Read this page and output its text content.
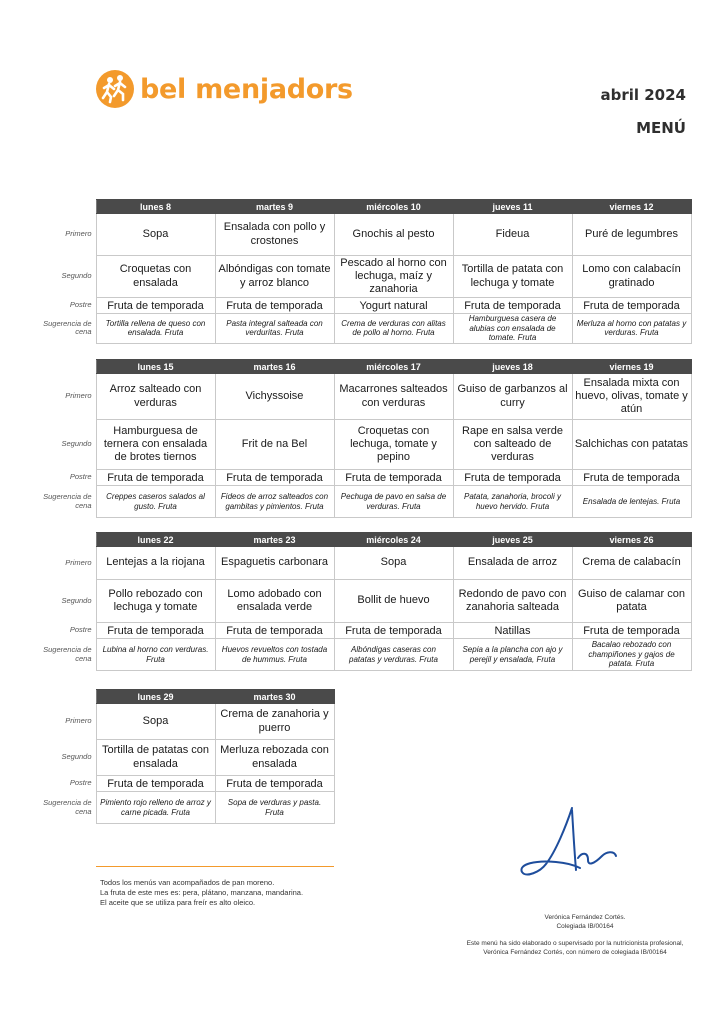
bel menjadors	abril 2024
MENÚ
	lunes 8	martes 9	miércoles 10	jueves 11	viernes 12
Primero	Sopa	Ensalada con pollo y crostones	Gnochis al pesto	Fideua	Puré de legumbres
Segundo	Croquetas con ensalada	Albóndigas con tomate y arroz blanco	Pescado al horno con lechuga, maíz y zanahoria	Tortilla de patata con lechuga y tomate	Lomo con calabacín gratinado
Postre	Fruta de temporada	Fruta de temporada	Yogurt natural	Fruta de temporada	Fruta de temporada
Sugerencia de cena	Tortilla rellena de queso con ensalada. Fruta	Pasta integral salteada con verduritas. Fruta	Crema de verduras con alitas de pollo al horno. Fruta	Hamburguesa casera de alubias con ensalada de tomate. Fruta	Merluza al horno con patatas y verduras. Fruta
	lunes 15	martes 16	miércoles 17	jueves 18	viernes 19
Primero	Arroz salteado con verduras	Vichyssoise	Macarrones salteados con verduras	Guiso de garbanzos al curry	Ensalada mixta con huevo, olivas, tomate y atún
Segundo	Hamburguesa de ternera con ensalada de brotes tiernos	Frit de na Bel	Croquetas con lechuga, tomate y pepino	Rape en salsa verde con salteado de verduras	Salchichas con patatas
Postre	Fruta de temporada	Fruta de temporada	Fruta de temporada	Fruta de temporada	Fruta de temporada
Sugerencia de cena	Creppes caseros salados al gusto. Fruta	Fideos de arroz salteados con gambitas y pimientos. Fruta	Pechuga de pavo en salsa de verduras. Fruta	Patata, zanahoria, brocoli y huevo hervido. Fruta	Ensalada de lentejas. Fruta
	lunes 22	martes 23	miércoles 24	jueves 25	viernes 26
Primero	Lentejas a la riojana	Espaguetis carbonara	Sopa	Ensalada de arroz	Crema de calabacín
Segundo	Pollo rebozado con lechuga y tomate	Lomo adobado con ensalada verde	Bollit de huevo	Redondo de pavo con zanahoria salteada	Guiso de calamar con patata
Postre	Fruta de temporada	Fruta de temporada	Fruta de temporada	Natillas	Fruta de temporada
Sugerencia de cena	Lubina al horno con verduras. Fruta	Huevos revueltos con tostada de hummus. Fruta	Albóndigas caseras con patatas y verduras. Fruta	Sepia a la plancha con ajo y perejil y ensalada, Fruta	Bacalao rebozado con champiñones y gajos de patata. Fruta
	lunes 29	martes 30
Primero	Sopa	Crema de zanahoria y puerro
Segundo	Tortilla de patatas con ensalada	Merluza rebozada con ensalada
Postre	Fruta de temporada	Fruta de temporada
Sugerencia de cena	Pimiento rojo relleno de arroz y carne picada. Fruta	Sopa de verduras y pasta. Fruta
Todos los menús van acompañados de pan moreno.
La fruta de este mes es: pera, plátano, manzana, mandarina.
El aceite que se utiliza para freír es alto oleico.
Verónica Fernández Cortés.
Colegiada IB/00164
Este menú ha sido elaborado o supervisado por la nutricionista profesional,
Verónica Fernández Cortés, con número de colegiada IB/00164
